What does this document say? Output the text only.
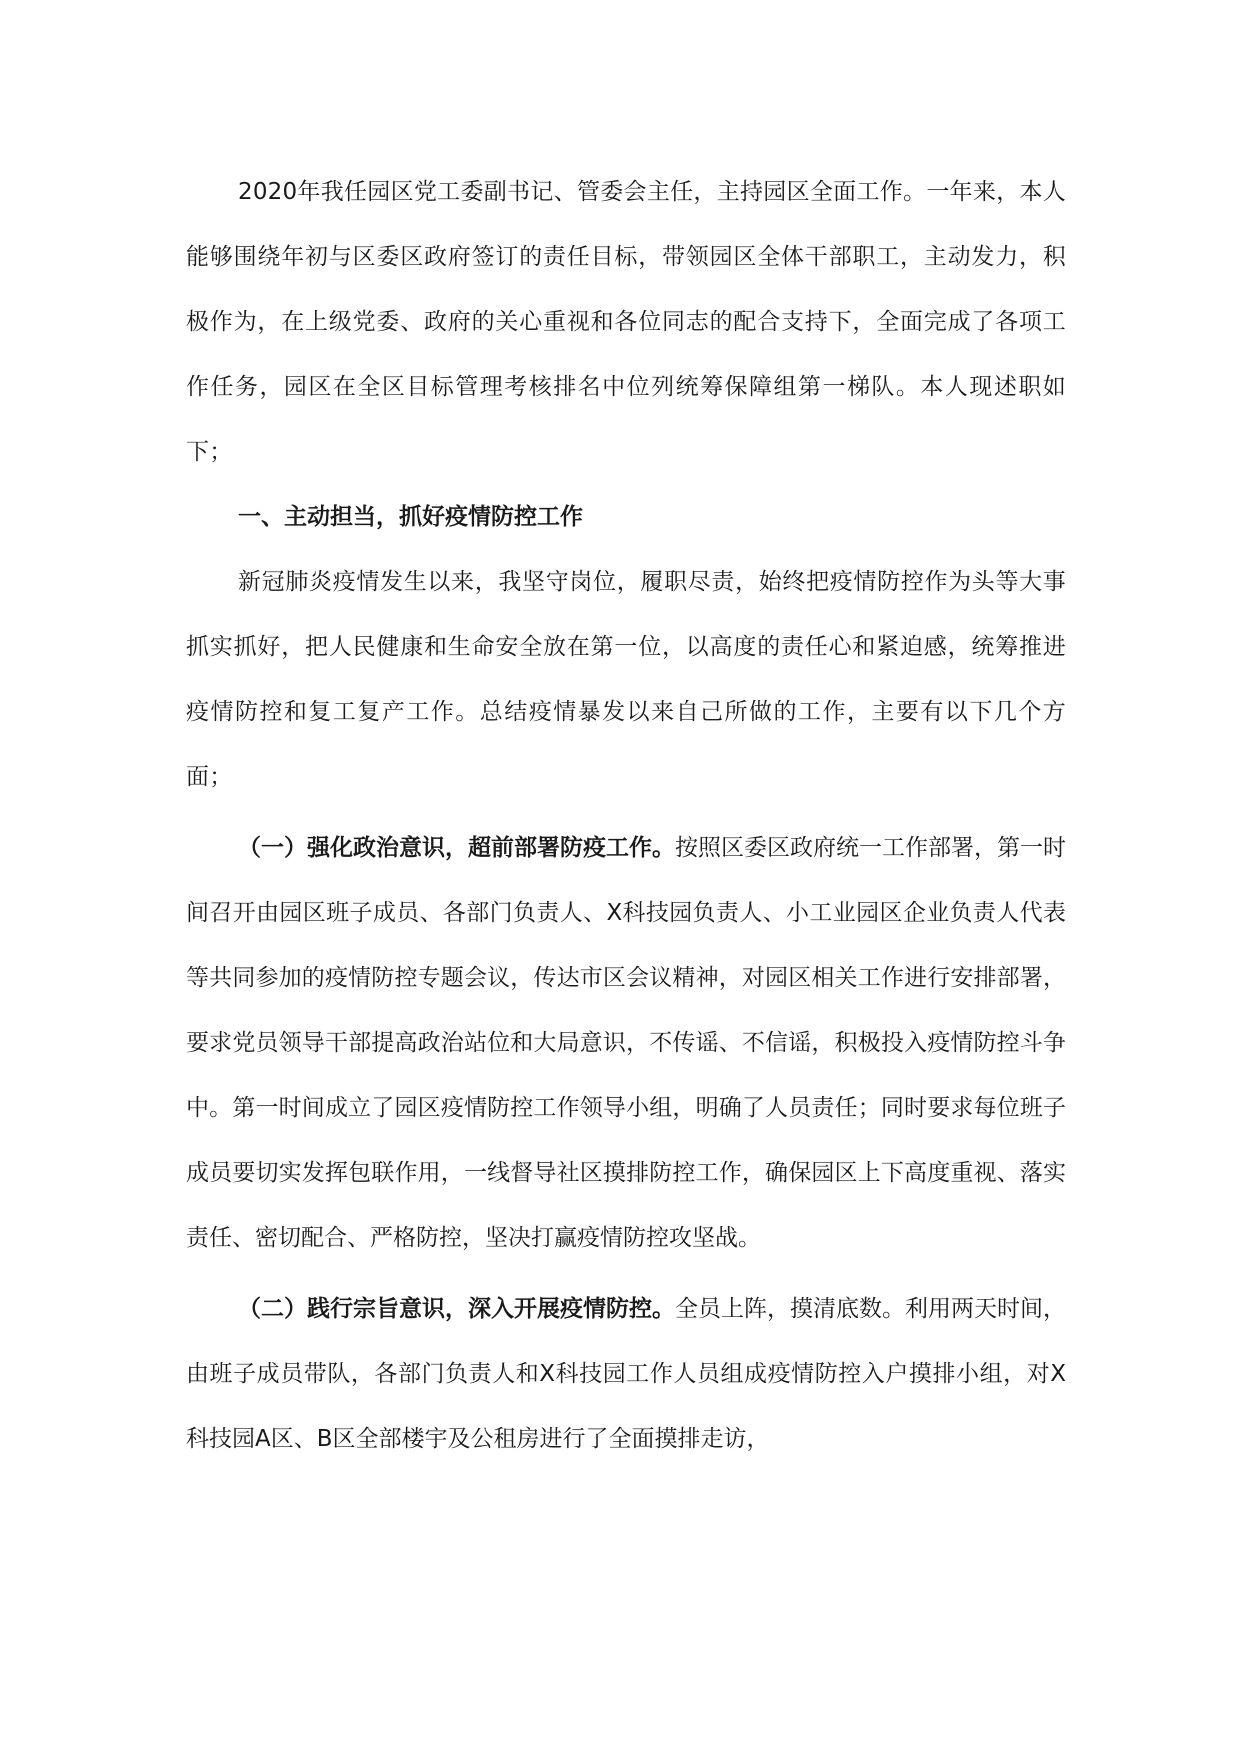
2020年我任园区党工委副书记、管委会主任，主持园区全面工作。一年来，本人能够围绕年初与区委区政府签订的责任目标，带领园区全体干部职工，主动发力，积极作为，在上级党委、政府的关心重视和各位同志的配合支持下，全面完成了各项工作任务，园区在全区目标管理考核排名中位列统筹保障组第一梯队。本人现述职如下；

一、主动担当，抓好疫情防控工作

新冠肺炎疫情发生以来，我坚守岗位，履职尽责，始终把疫情防控作为头等大事抓实抓好，把人民健康和生命安全放在第一位，以高度的责任心和紧迫感，统筹推进疫情防控和复工复产工作。总结疫情暴发以来自己所做的工作，主要有以下几个方面；

（一）强化政治意识，超前部署防疫工作。按照区委区政府统一工作部署，第一时间召开由园区班子成员、各部门负责人、X科技园负责人、小工业园区企业负责人代表等共同参加的疫情防控专题会议，传达市区会议精神，对园区相关工作进行安排部署，要求党员领导干部提高政治站位和大局意识，不传谣、不信谣，积极投入疫情防控斗争中。第一时间成立了园区疫情防控工作领导小组，明确了人员责任；同时要求每位班子成员要切实发挥包联作用，一线督导社区摸排防控工作，确保园区上下高度重视、落实责任、密切配合、严格防控，坚决打赢疫情防控攻坚战。

（二）践行宗旨意识，深入开展疫情防控。全员上阵，摸清底数。利用两天时间，由班子成员带队，各部门负责人和X科技园工作人员组成疫情防控入户摸排小组，对X科技园A区、B区全部楼宇及公租房进行了全面摸排走访，
